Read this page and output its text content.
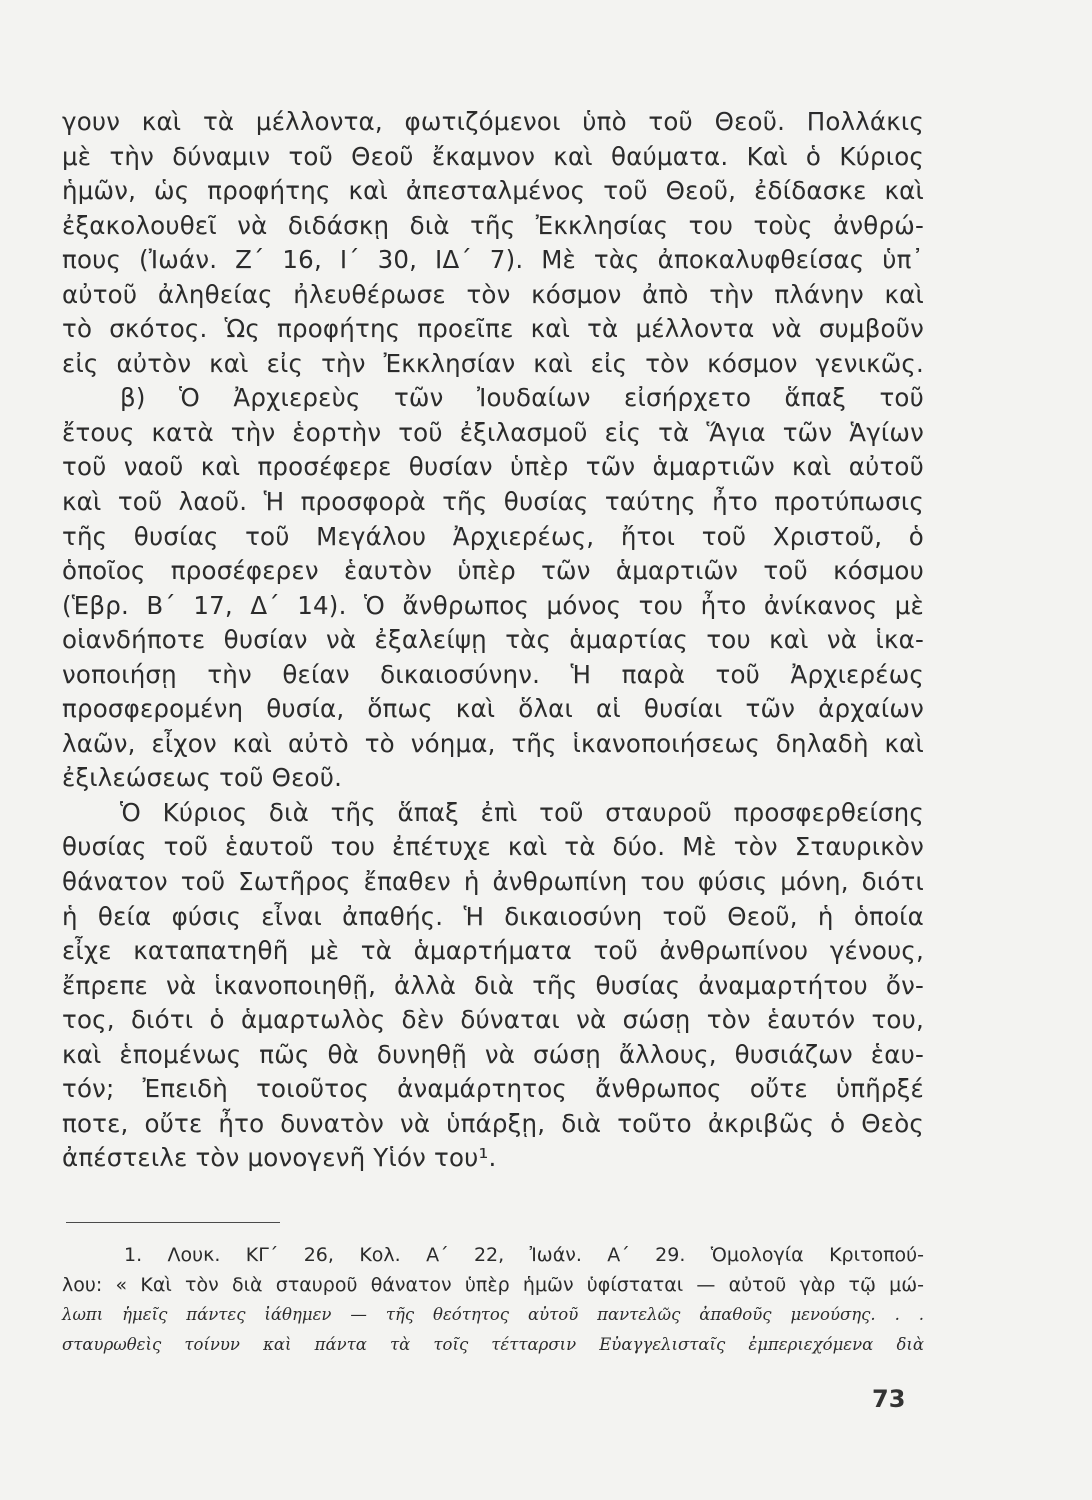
γουν καὶ τὰ μέλλοντα, φωτιζόμενοι ὑπὸ τοῦ Θεοῦ. Πολλάκις
μὲ τὴν δύναμιν τοῦ Θεοῦ ἔκαμνον καὶ θαύματα. Καὶ ὁ Κύριος
ἡμῶν, ὡς προφήτης καὶ ἀπεσταλμένος τοῦ Θεοῦ, ἐδίδασκε καὶ
ἐξακολουθεῖ νὰ διδάσκῃ διὰ τῆς Ἐκκλησίας του τοὺς ἀνθρώ-
πους (Ἰωάν. Ζ΄ 16, Ι΄ 30, ΙΔ΄ 7). Μὲ τὰς ἀποκαλυφθείσας ὑπ᾿
αὐτοῦ ἀληθείας ἠλευθέρωσε τὸν κόσμον ἀπὸ τὴν πλάνην καὶ
τὸ σκότος. Ὡς προφήτης προεῖπε καὶ τὰ μέλλοντα νὰ συμβοῦν
εἰς αὐτὸν καὶ εἰς τὴν Ἐκκλησίαν καὶ εἰς τὸν κόσμον γενικῶς.
β) Ὁ Ἀρχιερεὺς τῶν Ἰουδαίων εἰσήρχετο ἅπαξ τοῦ
ἔτους κατὰ τὴν ἑορτὴν τοῦ ἐξιλασμοῦ εἰς τὰ Ἅγια τῶν Ἁγίων
τοῦ ναοῦ καὶ προσέφερε θυσίαν ὑπὲρ τῶν ἁμαρτιῶν καὶ αὐτοῦ
καὶ τοῦ λαοῦ. Ἡ προσφορὰ τῆς θυσίας ταύτης ἦτο προτύπωσις
τῆς θυσίας τοῦ Μεγάλου Ἀρχιερέως, ἤτοι τοῦ Χριστοῦ, ὁ
ὁποῖος προσέφερεν ἑαυτὸν ὑπὲρ τῶν ἁμαρτιῶν τοῦ κόσμου
(Ἑβρ. Β΄ 17, Δ΄ 14). Ὁ ἄνθρωπος μόνος του ἦτο ἀνίκανος μὲ
οἱανδήποτε θυσίαν νὰ ἐξαλείψῃ τὰς ἁμαρτίας του καὶ νὰ ἱκα-
νοποιήσῃ τὴν θείαν δικαιοσύνην. Ἡ παρὰ τοῦ Ἀρχιερέως
προσφερομένη θυσία, ὅπως καὶ ὅλαι αἱ θυσίαι τῶν ἀρχαίων
λαῶν, εἶχον καὶ αὐτὸ τὸ νόημα, τῆς ἱκανοποιήσεως δηλαδὴ καὶ
ἐξιλεώσεως τοῦ Θεοῦ.
Ὁ Κύριος διὰ τῆς ἅπαξ ἐπὶ τοῦ σταυροῦ προσφερθείσης
θυσίας τοῦ ἑαυτοῦ του ἐπέτυχε καὶ τὰ δύο. Μὲ τὸν Σταυρικὸν
θάνατον τοῦ Σωτῆρος ἔπαθεν ἡ ἀνθρωπίνη του φύσις μόνη, διότι
ἡ θεία φύσις εἶναι ἀπαθής. Ἡ δικαιοσύνη τοῦ Θεοῦ, ἡ ὁποία
εἶχε καταπατηθῆ μὲ τὰ ἁμαρτήματα τοῦ ἀνθρωπίνου γένους,
ἔπρεπε νὰ ἱκανοποιηθῇ, ἀλλὰ διὰ τῆς θυσίας ἀναμαρτήτου ὄν-
τος, διότι ὁ ἁμαρτωλὸς δὲν δύναται νὰ σώσῃ τὸν ἑαυτόν του,
καὶ ἑπομένως πῶς θὰ δυνηθῇ νὰ σώσῃ ἄλλους, θυσιάζων ἑαυ-
τόν; Ἐπειδὴ τοιοῦτος ἀναμάρτητος ἄνθρωπος οὔτε ὑπῆρξέ
ποτε, οὔτε ἦτο δυνατὸν νὰ ὑπάρξῃ, διὰ τοῦτο ἀκριβῶς ὁ Θεὸς
ἀπέστειλε τὸν μονογενῆ Υἱόν του¹.
1. Λουκ. ΚΓ΄ 26, Κολ. Α΄ 22, Ἰωάν. Α΄ 29. Ὁμολογία Κριτοπού-
λου: « Καὶ τὸν διὰ σταυροῦ θάνατον ὑπὲρ ἡμῶν ὑφίσταται — αὐτοῦ γὰρ τῷ μώ-
λωπι ἡμεῖς πάντες ἰάθημεν — τῆς θεότητος αὐτοῦ παντελῶς ἀπαθοῦς μενούσης. . .
σταυρωθεὶς τοίνυν καὶ πάντα τὰ τοῖς τέτταρσιν Εὐαγγελισταῖς ἐμπεριεχόμενα διὰ
73
